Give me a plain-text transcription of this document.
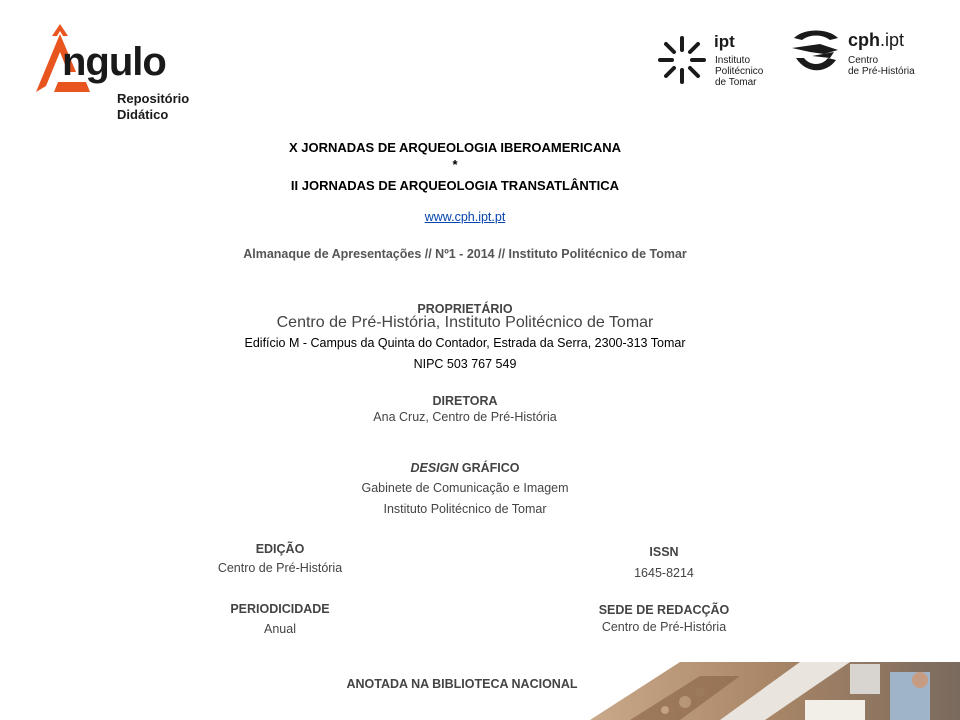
ngulo
Repositório
Didático
ipt
Instituto
Politécnico
de Tomar
cph.ipt
Centro
de Pré-História
X JORNADAS DE ARQUEOLOGIA IBEROAMERICANA
*
II JORNADAS DE ARQUEOLOGIA TRANSATLÂNTICA
www.cph.ipt.pt
Almanaque de Apresentações // Nº1 - 2014 // Instituto Politécnico de Tomar
PROPRIETÁRIO
Centro de Pré-História, Instituto Politécnico de Tomar
Edifício M - Campus da Quinta do Contador, Estrada da Serra, 2300-313 Tomar
NIPC 503 767 549
DIRETORA
Ana Cruz, Centro de Pré-História
DESIGN GRÁFICO
Gabinete de Comunicação e Imagem
Instituto Politécnico de Tomar
EDIÇÃO
Centro de Pré-História
PERIODICIDADE
Anual
ISSN
1645-8214
SEDE DE REDACÇÃO
Centro de Pré-História
ANOTADA NA BIBLIOTECA NACIONAL
